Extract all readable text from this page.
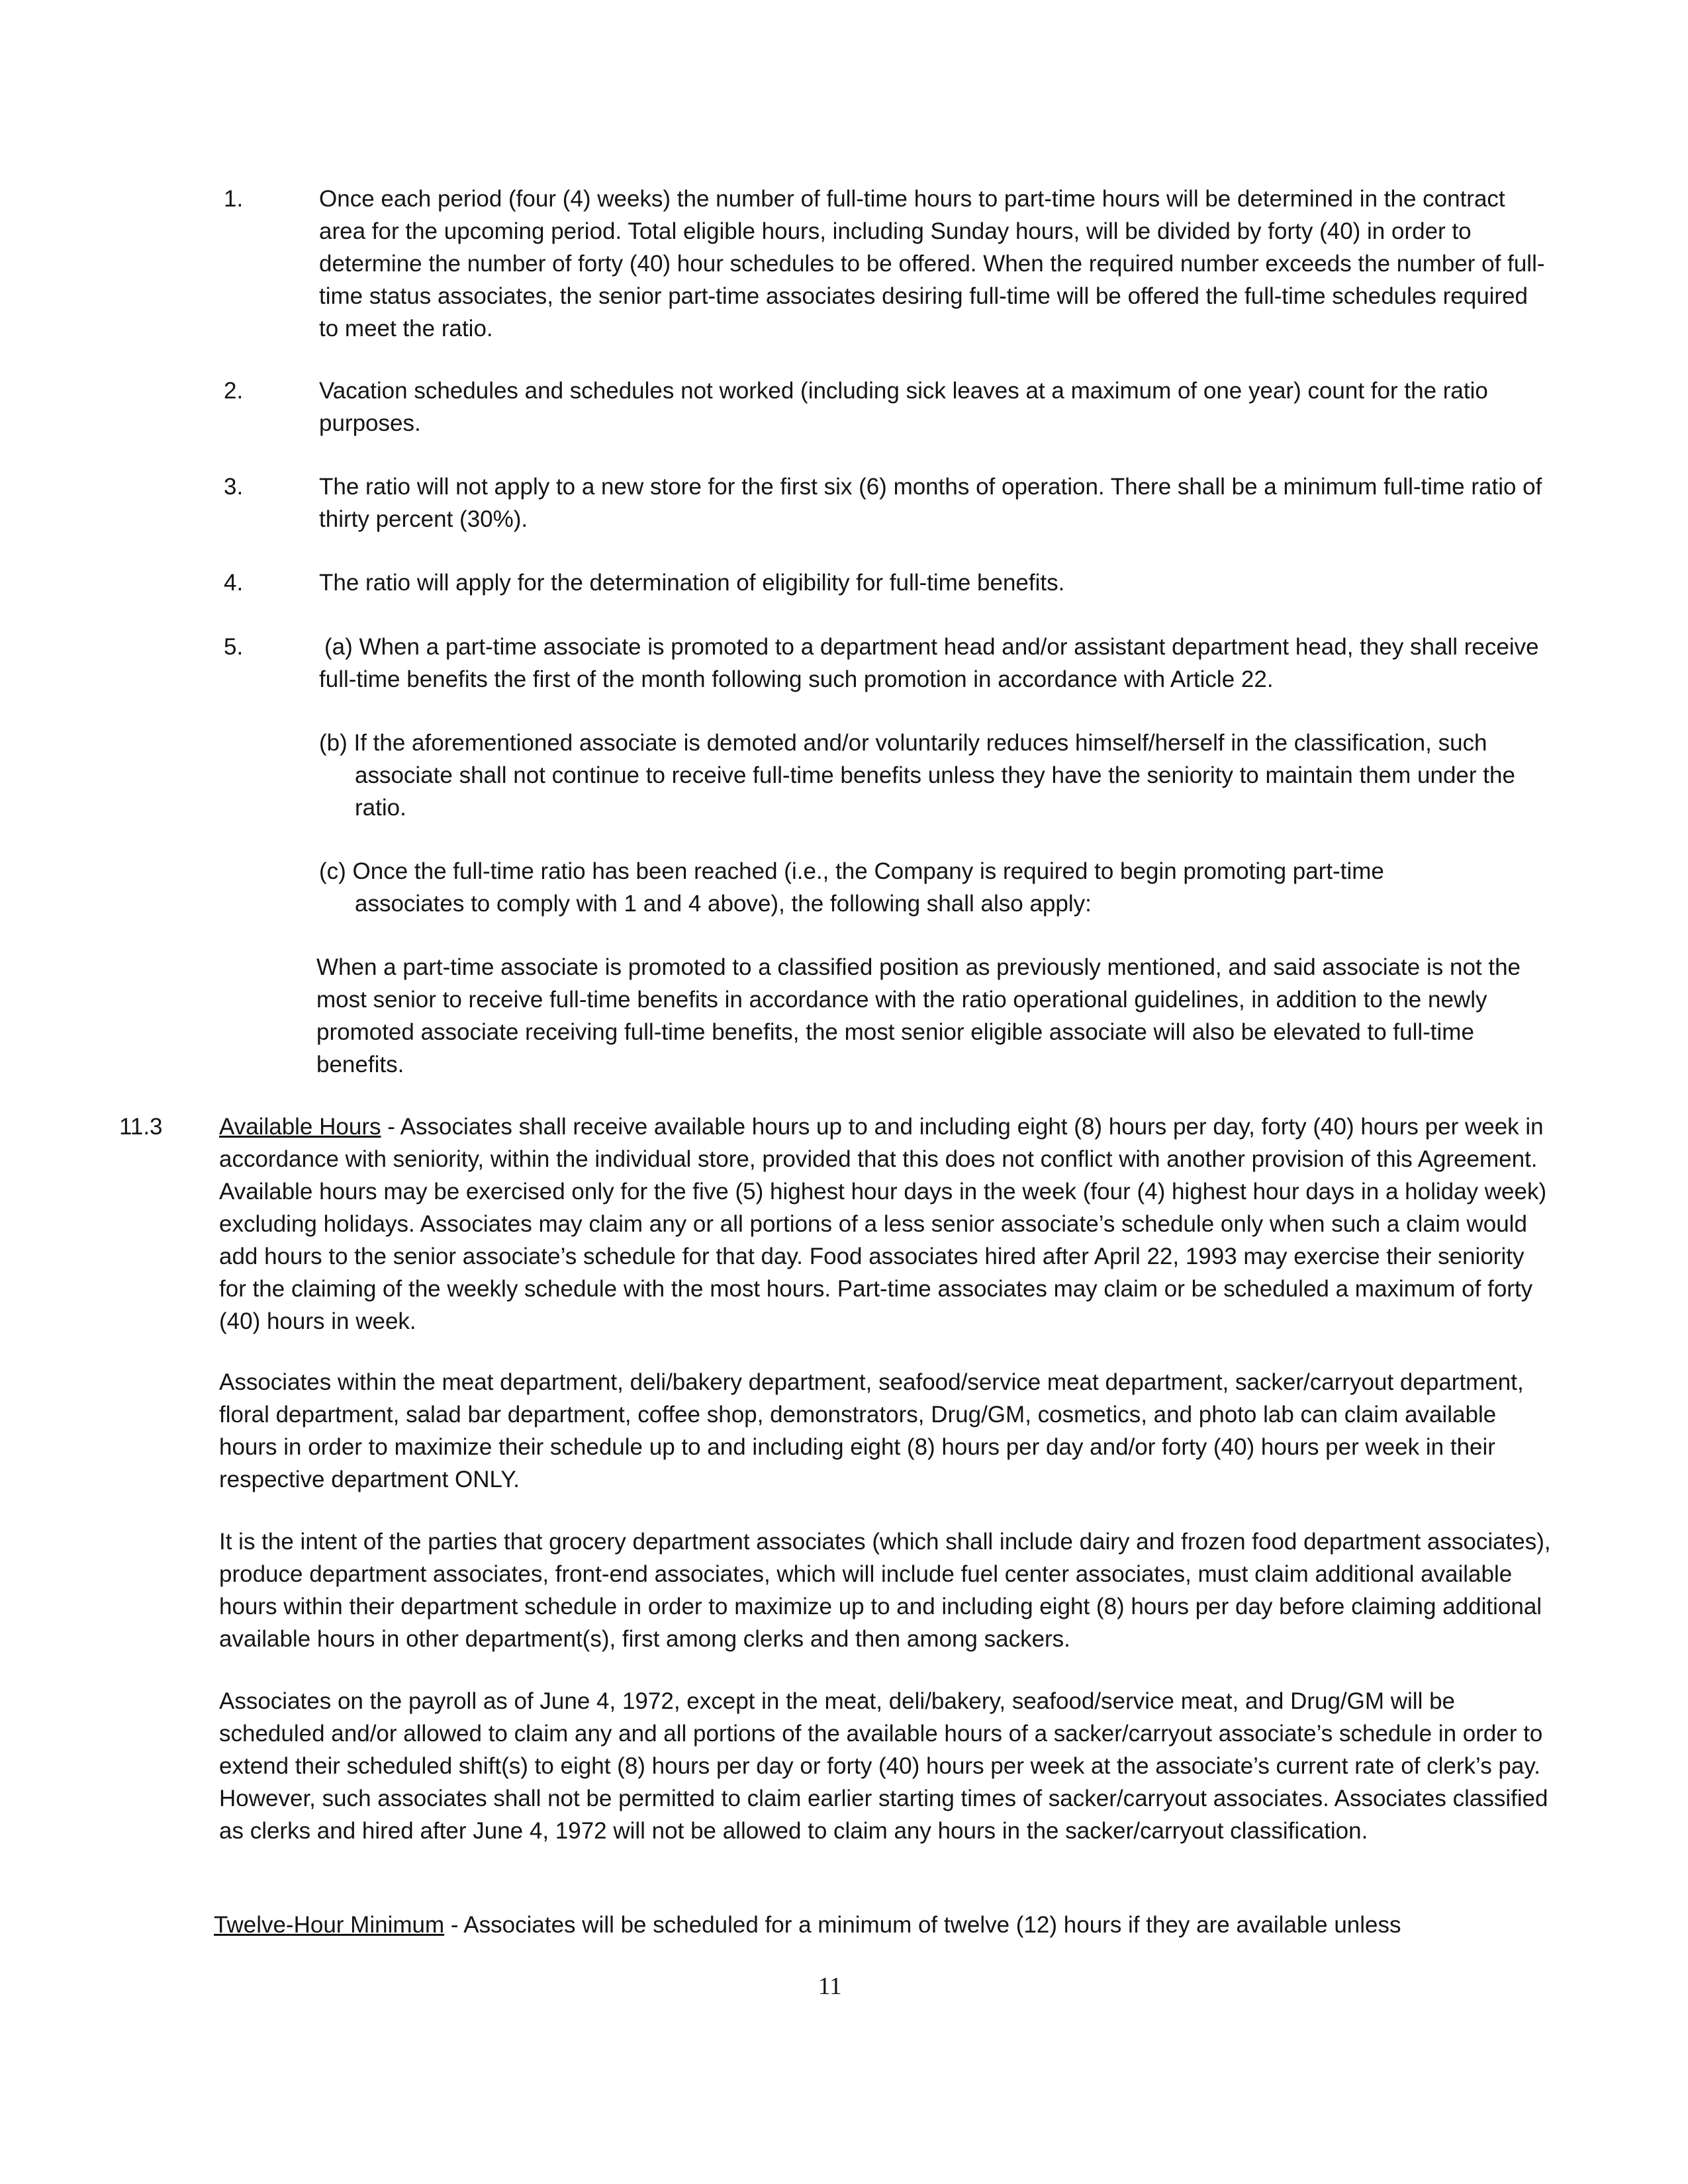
1.	Once each period (four (4) weeks) the number of full-time hours to part-time hours will be determined in the contract area for the upcoming period. Total eligible hours, including Sunday hours, will be divided by forty (40) in order to determine the number of forty (40) hour schedules to be offered. When the required number exceeds the number of full-time status associates, the senior part-time associates desiring full-time will be offered the full-time schedules required to meet the ratio.
2.	Vacation schedules and schedules not worked (including sick leaves at a maximum of one year) count for the ratio purposes.
3.	The ratio will not apply to a new store for the first six (6) months of operation. There shall be a minimum full-time ratio of thirty percent (30%).
4.	The ratio will apply for the determination of eligibility for full-time benefits.
5.	(a) When a part-time associate is promoted to a department head and/or assistant department head, they shall receive full-time benefits the first of the month following such promotion in accordance with Article 22.
(b) If the aforementioned associate is demoted and/or voluntarily reduces himself/herself in the classification, such associate shall not continue to receive full-time benefits unless they have the seniority to maintain them under the ratio.
(c) Once the full-time ratio has been reached (i.e., the Company is required to begin promoting part-time associates to comply with 1 and 4 above), the following shall also apply:
When a part-time associate is promoted to a classified position as previously mentioned, and said associate is not the most senior to receive full-time benefits in accordance with the ratio operational guidelines, in addition to the newly promoted associate receiving full-time benefits, the most senior eligible associate will also be elevated to full-time benefits.
11.3 Available Hours - Associates shall receive available hours up to and including eight (8) hours per day, forty (40) hours per week in accordance with seniority, within the individual store, provided that this does not conflict with another provision of this Agreement. Available hours may be exercised only for the five (5) highest hour days in the week (four (4) highest hour days in a holiday week) excluding holidays. Associates may claim any or all portions of a less senior associate’s schedule only when such a claim would add hours to the senior associate’s schedule for that day. Food associates hired after April 22, 1993 may exercise their seniority for the claiming of the weekly schedule with the most hours. Part-time associates may claim or be scheduled a maximum of forty (40) hours in week.
Associates within the meat department, deli/bakery department, seafood/service meat department, sacker/carryout department, floral department, salad bar department, coffee shop, demonstrators, Drug/GM, cosmetics, and photo lab can claim available hours in order to maximize their schedule up to and including eight (8) hours per day and/or forty (40) hours per week in their respective department ONLY.
It is the intent of the parties that grocery department associates (which shall include dairy and frozen food department associates), produce department associates, front-end associates, which will include fuel center associates, must claim additional available hours within their department schedule in order to maximize up to and including eight (8) hours per day before claiming additional available hours in other department(s), first among clerks and then among sackers.
Associates on the payroll as of June 4, 1972, except in the meat, deli/bakery, seafood/service meat, and Drug/GM will be scheduled and/or allowed to claim any and all portions of the available hours of a sacker/carryout associate’s schedule in order to extend their scheduled shift(s) to eight (8) hours per day or forty (40) hours per week at the associate’s current rate of clerk’s pay. However, such associates shall not be permitted to claim earlier starting times of sacker/carryout associates. Associates classified as clerks and hired after June 4, 1972 will not be allowed to claim any hours in the sacker/carryout classification.
Twelve-Hour Minimum - Associates will be scheduled for a minimum of twelve (12) hours if they are available unless
11
